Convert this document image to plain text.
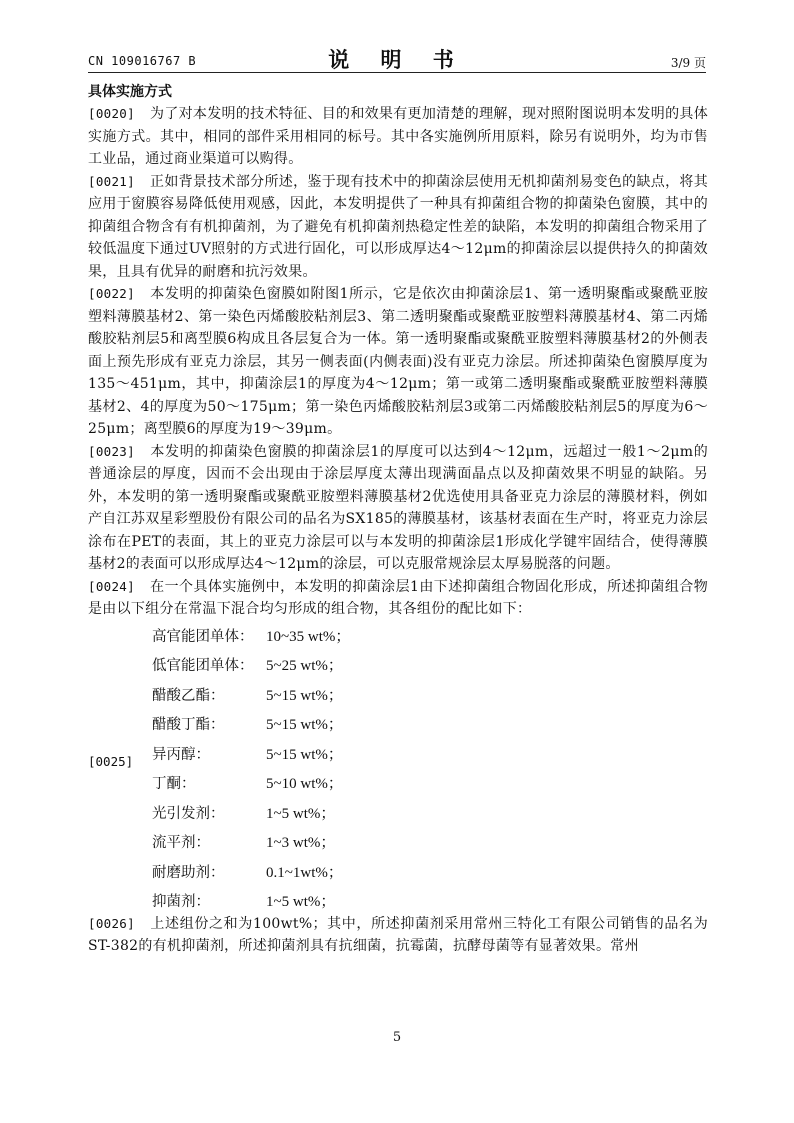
CN 109016767 B	说 明 书	3/9 页
具体实施方式
[0020] 为了对本发明的技术特征、目的和效果有更加清楚的理解，现对照附图说明本发明的具体实施方式。其中，相同的部件采用相同的标号。其中各实施例所用原料，除另有说明外，均为市售工业品，通过商业渠道可以购得。
[0021] 正如背景技术部分所述，鉴于现有技术中的抑菌涂层使用无机抑菌剂易变色的缺点，将其应用于窗膜容易降低使用观感，因此，本发明提供了一种具有抑菌组合物的抑菌染色窗膜，其中的抑菌组合物含有有机抑菌剂，为了避免有机抑菌剂热稳定性差的缺陷，本发明的抑菌组合物采用了较低温度下通过UV照射的方式进行固化，可以形成厚达4～12μm的抑菌涂层以提供持久的抑菌效果，且具有优异的耐磨和抗污效果。
[0022] 本发明的抑菌染色窗膜如附图1所示，它是依次由抑菌涂层1、第一透明聚酯或聚酰亚胺塑料薄膜基材2、第一染色丙烯酸胶粘剂层3、第二透明聚酯或聚酰亚胺塑料薄膜基材4、第二丙烯酸胶粘剂层5和离型膜6构成且各层复合为一体。第一透明聚酯或聚酰亚胺塑料薄膜基材2的外侧表面上预先形成有亚克力涂层，其另一侧表面(内侧表面)没有亚克力涂层。所述抑菌染色窗膜厚度为135～451μm，其中，抑菌涂层1的厚度为4～12μm；第一或第二透明聚酯或聚酰亚胺塑料薄膜基材2、4的厚度为50～175μm；第一染色丙烯酸胶粘剂层3或第二丙烯酸胶粘剂层5的厚度为6～25μm；离型膜6的厚度为19～39μm。
[0023] 本发明的抑菌染色窗膜的抑菌涂层1的厚度可以达到4～12μm，远超过一般1～2μm的普通涂层的厚度，因而不会出现由于涂层厚度太薄出现满面晶点以及抑菌效果不明显的缺陷。另外，本发明的第一透明聚酯或聚酰亚胺塑料薄膜基材2优选使用具备亚克力涂层的薄膜材料，例如产自江苏双星彩塑股份有限公司的品名为SX185的薄膜基材，该基材表面在生产时，将亚克力涂层涂布在PET的表面，其上的亚克力涂层可以与本发明的抑菌涂层1形成化学键牢固结合，使得薄膜基材2的表面可以形成厚达4～12μm的涂层，可以克服常规涂层太厚易脱落的问题。
[0024] 在一个具体实施例中，本发明的抑菌涂层1由下述抑菌组合物固化形成，所述抑菌组合物是由以下组分在常温下混合均匀形成的组合物，其各组份的配比如下：
[0025]
高官能团单体： 10~35 wt%；
低官能团单体： 5~25 wt%；
醋酸乙酯：	5~15 wt%；
醋酸丁酯：	5~15 wt%；
异丙醇：	5~15 wt%；
丁酮：	5~10 wt%；
光引发剂：	1~5 wt%；
流平剂：	1~3 wt%；
耐磨助剂：	0.1~1wt%；
抑菌剂：	1~5 wt%；
[0026] 上述组份之和为100wt%；其中，所述抑菌剂采用常州三特化工有限公司销售的品名为ST-382的有机抑菌剂，所述抑菌剂具有抗细菌，抗霉菌，抗酵母菌等有显著效果。常州
5
